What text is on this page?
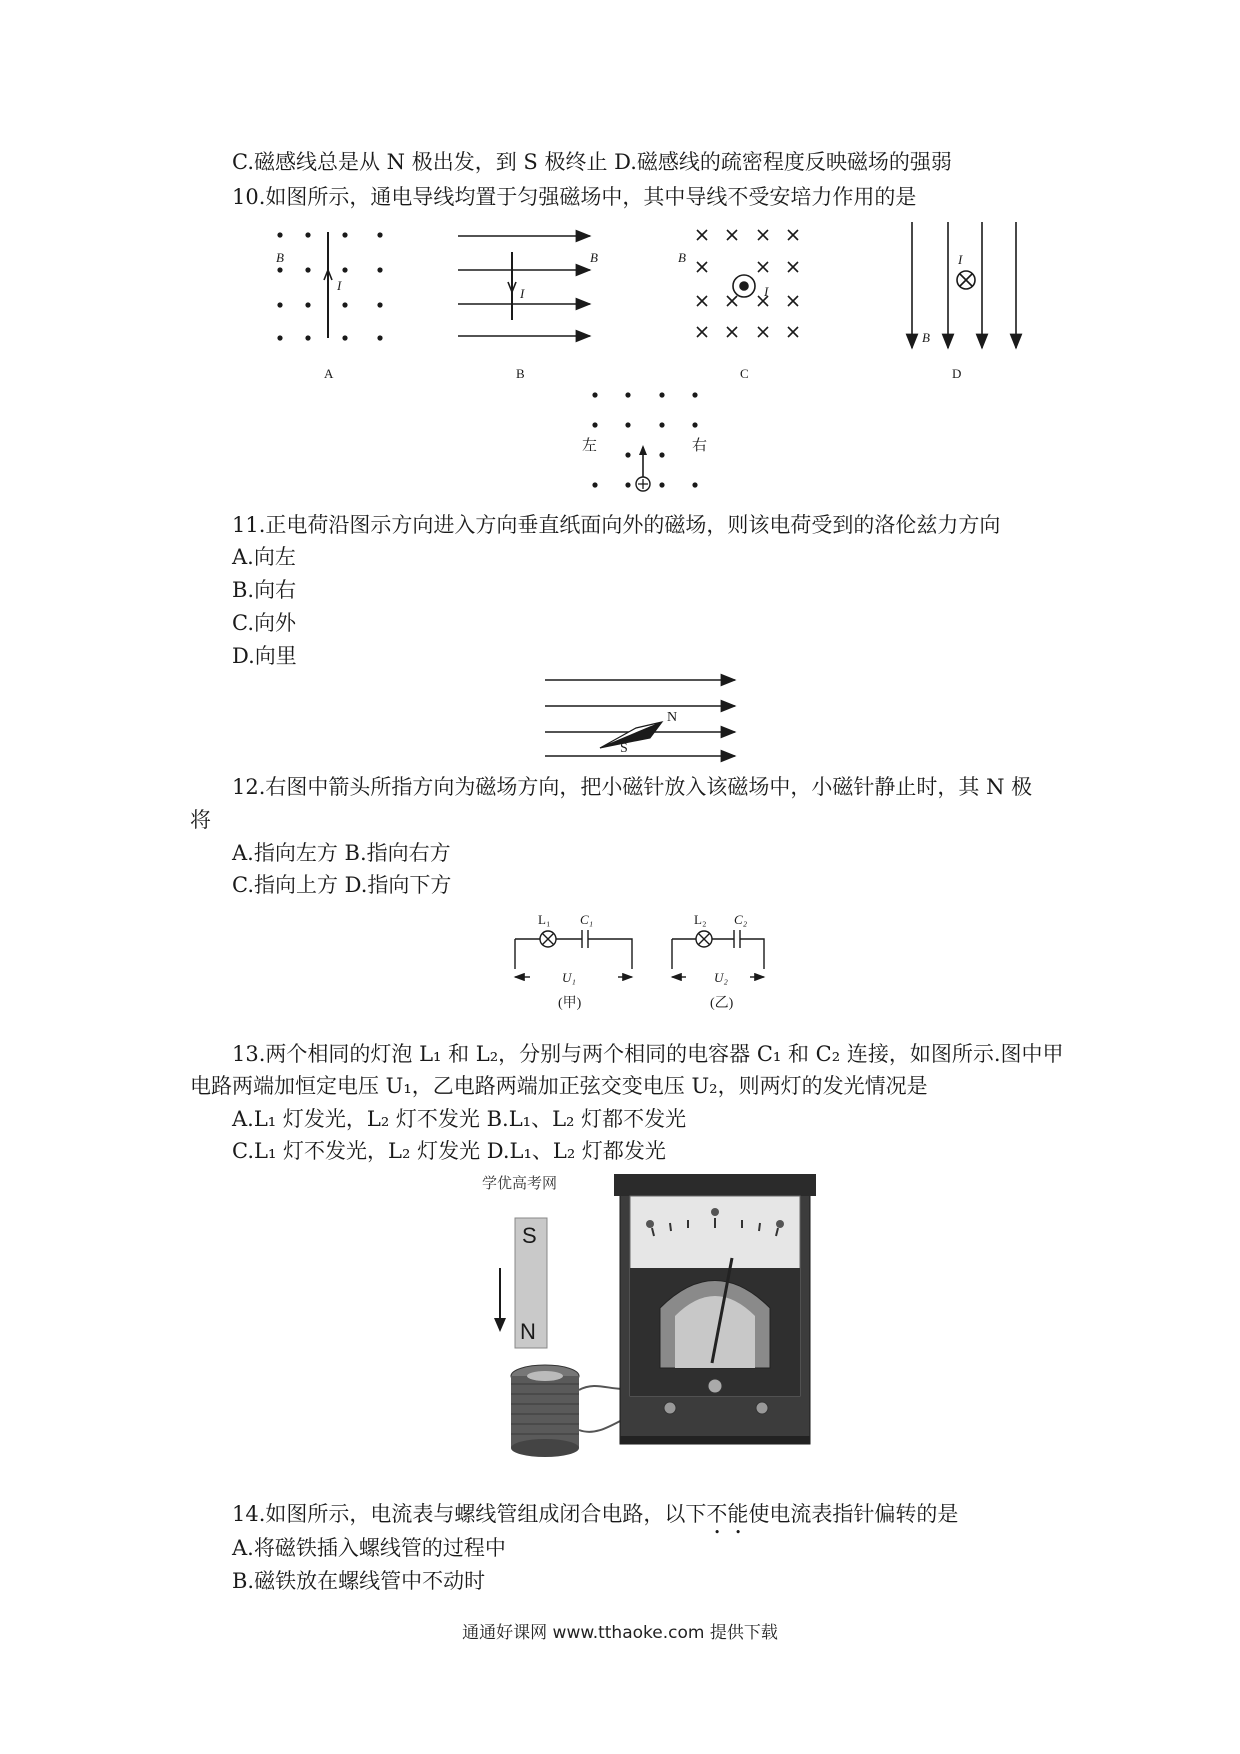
C.磁感线总是从 N 极出发，到 S 极终止 D.磁感线的疏密程度反映磁场的强弱
10.如图所示，通电导线均置于匀强磁场中，其中导线不受安培力作用的是
B
I
B
I
B
I
I
B
A	B	C	D
左	右
11.正电荷沿图示方向进入方向垂直纸面向外的磁场，则该电荷受到的洛伦兹力方向
A.向左
B.向右
C.向外
D.向里
N
S
12.右图中箭头所指方向为磁场方向，把小磁针放入该磁场中，小磁针静止时，其 N 极
将
A.指向左方 B.指向右方
C.指向上方 D.指向下方
L₁ C₁
U₁
(甲)
L₂ C₂
U₂
(乙)
13.两个相同的灯泡 L₁ 和 L₂，分别与两个相同的电容器 C₁ 和 C₂ 连接，如图所示.图中甲
电路两端加恒定电压 U₁，乙电路两端加正弦交变电压 U₂，则两灯的发光情况是
A.L₁ 灯发光，L₂ 灯不发光 B.L₁、L₂ 灯都不发光
C.L₁ 灯不发光，L₂ 灯发光 D.L₁、L₂ 灯都发光
学优高考网
S
N
14.如图所示，电流表与螺线管组成闭合电路，以下不能使电流表指针偏转的是
A.将磁铁插入螺线管的过程中
B.磁铁放在螺线管中不动时
通通好课网 www.tthaoke.com 提供下载
